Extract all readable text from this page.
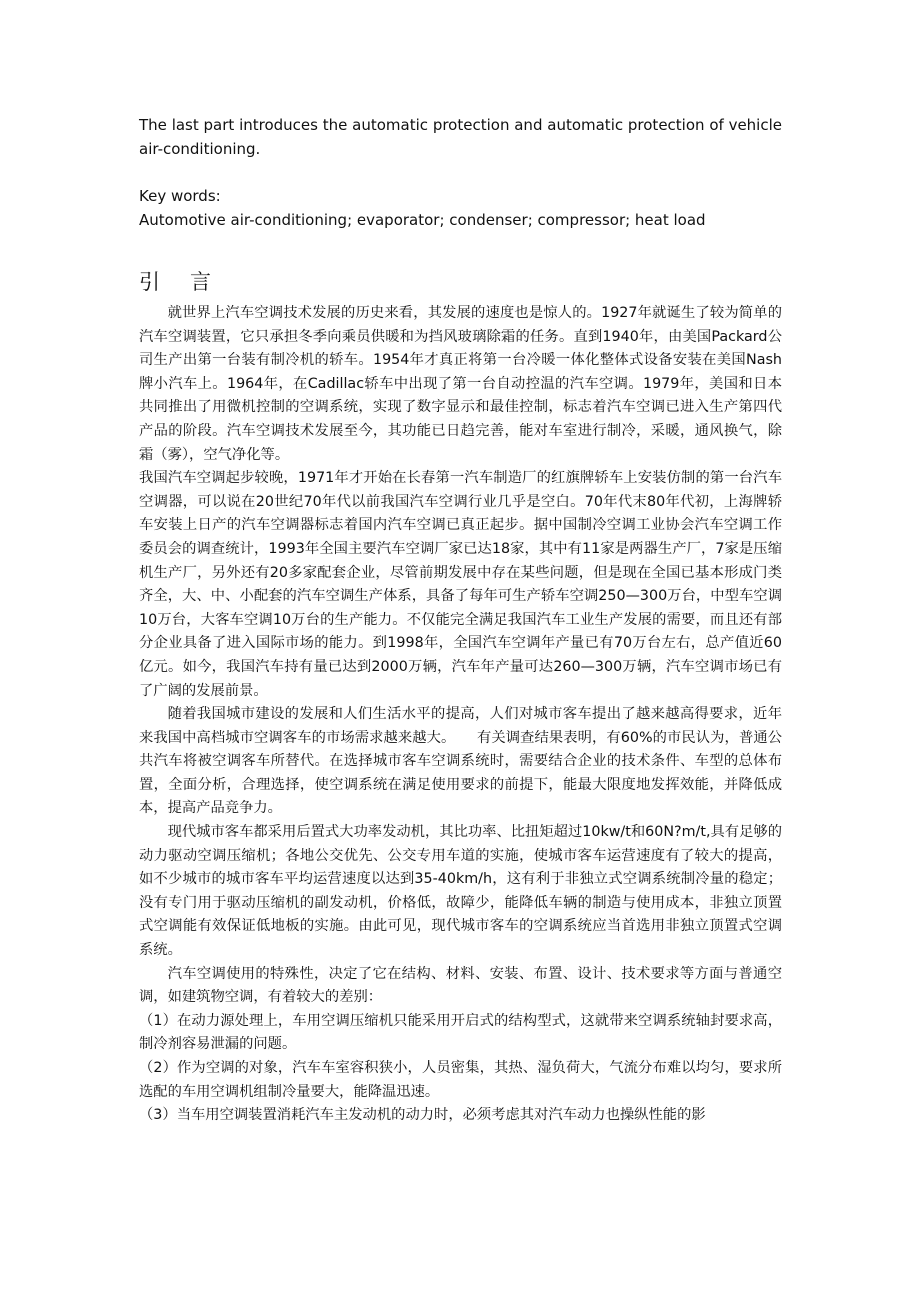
The last part introduces the automatic protection and automatic protection of vehicle air-conditioning.

Key words:

Automotive air-conditioning; evaporator; condenser; compressor; heat load

引言

就世界上汽车空调技术发展的历史来看，其发展的速度也是惊人的。1927年就诞生了较为简单的汽车空调装置，它只承担冬季向乘员供暖和为挡风玻璃除霜的任务。直到1940年，由美国Packard公司生产出第一台装有制冷机的轿车。1954年才真正将第一台冷暖一体化整体式设备安装在美国Nash牌小汽车上。1964年，在Cadillac轿车中出现了第一台自动控温的汽车空调。1979年，美国和日本共同推出了用微机控制的空调系统，实现了数字显示和最佳控制，标志着汽车空调已进入生产第四代产品的阶段。汽车空调技术发展至今，其功能已日趋完善，能对车室进行制冷，采暖，通风换气，除霜（雾），空气净化等。

我国汽车空调起步较晚，1971年才开始在长春第一汽车制造厂的红旗牌轿车上安装仿制的第一台汽车空调器，可以说在20世纪70年代以前我国汽车空调行业几乎是空白。70年代末80年代初，上海牌轿车安装上日产的汽车空调器标志着国内汽车空调已真正起步。据中国制冷空调工业协会汽车空调工作委员会的调查统计，1993年全国主要汽车空调厂家已达18家，其中有11家是两器生产厂，7家是压缩机生产厂，另外还有20多家配套企业，尽管前期发展中存在某些问题，但是现在全国已基本形成门类齐全，大、中、小配套的汽车空调生产体系，具备了每年可生产轿车空调250—300万台，中型车空调10万台，大客车空调10万台的生产能力。不仅能完全满足我国汽车工业生产发展的需要，而且还有部分企业具备了进入国际市场的能力。到1998年，全国汽车空调年产量已有70万台左右，总产值近60亿元。如今，我国汽车持有量已达到2000万辆，汽车年产量可达260—300万辆，汽车空调市场已有了广阔的发展前景。

随着我国城市建设的发展和人们生活水平的提高，人们对城市客车提出了越来越高得要求，近年来我国中高档城市空调客车的市场需求越来越大。　　有关调查结果表明，有60%的市民认为，普通公共汽车将被空调客车所替代。在选择城市客车空调系统时，需要结合企业的技术条件、车型的总体布置，全面分析，合理选择，使空调系统在满足使用要求的前提下，能最大限度地发挥效能，并降低成本，提高产品竞争力。

现代城市客车都采用后置式大功率发动机，其比功率、比扭矩超过10kw/t和60N?m/t,具有足够的动力驱动空调压缩机；各地公交优先、公交专用车道的实施，使城市客车运营速度有了较大的提高，如不少城市的城市客车平均运营速度以达到35-40km/h，这有利于非独立式空调系统制冷量的稳定；没有专门用于驱动压缩机的副发动机，价格低，故障少，能降低车辆的制造与使用成本，非独立顶置式空调能有效保证低地板的实施。由此可见，现代城市客车的空调系统应当首选用非独立顶置式空调系统。

汽车空调使用的特殊性，决定了它在结构、材料、安装、布置、设计、技术要求等方面与普通空调，如建筑物空调，有着较大的差别：

（1）在动力源处理上，车用空调压缩机只能采用开启式的结构型式，这就带来空调系统轴封要求高，制冷剂容易泄漏的问题。

（2）作为空调的对象，汽车车室容积狭小，人员密集，其热、湿负荷大，气流分布难以均匀，要求所选配的车用空调机组制冷量要大，能降温迅速。

（3）当车用空调装置消耗汽车主发动机的动力时，必须考虑其对汽车动力也操纵性能的影
